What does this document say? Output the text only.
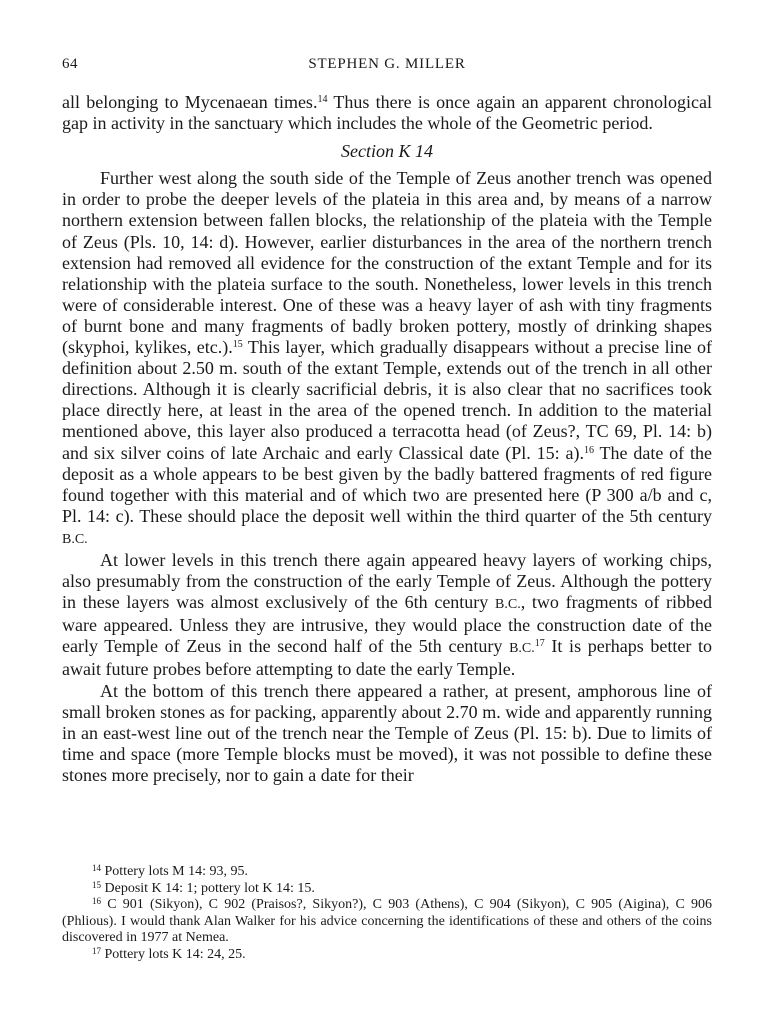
64	STEPHEN G. MILLER

all belonging to Mycenaean times.$^{14}$ Thus there is once again an apparent chronological gap in activity in the sanctuary which includes the whole of the Geometric period.

Section K 14

Further west along the south side of the Temple of Zeus another trench was opened in order to probe the deeper levels of the plateia in this area and, by means of a narrow northern extension between fallen blocks, the relationship of the plateia with the Temple of Zeus (Pls. 10, 14: d). However, earlier disturbances in the area of the northern trench extension had removed all evidence for the construction of the extant Temple and for its relationship with the plateia surface to the south. Nonetheless, lower levels in this trench were of considerable interest. One of these was a heavy layer of ash with tiny fragments of burnt bone and many fragments of badly broken pottery, mostly of drinking shapes (skyphoi, kylikes, etc.).$^{15}$ This layer, which gradually disappears without a precise line of definition about 2.50 m. south of the extant Temple, extends out of the trench in all other directions. Although it is clearly sacrificial debris, it is also clear that no sacrifices took place directly here, at least in the area of the opened trench. In addition to the material mentioned above, this layer also produced a terracotta head (of Zeus?, TC 69, Pl. 14: b) and six silver coins of late Archaic and early Classical date (Pl. 15: a).$^{16}$ The date of the deposit as a whole appears to be best given by the badly battered fragments of red figure found together with this material and of which two are presented here (P 300 a/b and c, Pl. 14: c). These should place the deposit well within the third quarter of the 5th century B.C.

At lower levels in this trench there again appeared heavy layers of working chips, also presumably from the construction of the early Temple of Zeus. Although the pottery in these layers was almost exclusively of the 6th century B.C., two fragments of ribbed ware appeared. Unless they are intrusive, they would place the construction date of the early Temple of Zeus in the second half of the 5th century B.C.$^{17}$ It is perhaps better to await future probes before attempting to date the early Temple.

At the bottom of this trench there appeared a rather, at present, amphorous line of small broken stones as for packing, apparently about 2.70 m. wide and apparently running in an east-west line out of the trench near the Temple of Zeus (Pl. 15: b). Due to limits of time and space (more Temple blocks must be moved), it was not possible to define these stones more precisely, nor to gain a date for their

$^{14}$ Pottery lots M 14: 93, 95.

$^{15}$ Deposit K 14: 1; pottery lot K 14: 15.

$^{16}$ C 901 (Sikyon), C 902 (Praisos?, Sikyon?), C 903 (Athens), C 904 (Sikyon), C 905 (Aigina), C 906 (Phlious). I would thank Alan Walker for his advice concerning the identifications of these and others of the coins discovered in 1977 at Nemea.

$^{17}$ Pottery lots K 14: 24, 25.
